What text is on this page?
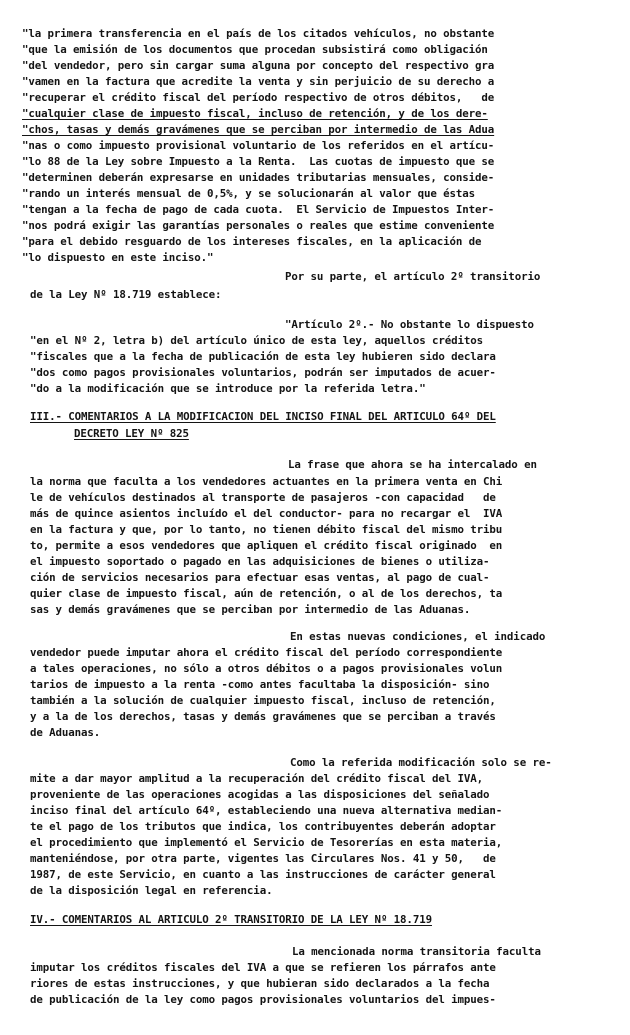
"la primera transferencia en el país de los citados vehículos, no obstante
"que la emisión de los documentos que procedan subsistirá como obligación
"del vendedor, pero sin cargar suma alguna por concepto del respectivo gra
"vamen en la factura que acredite la venta y sin perjuicio de su derecho a
"recuperar el crédito fiscal del período respectivo de otros débitos,   de
"cualquier clase de impuesto fiscal, incluso de retención, y de los dere-
"chos, tasas y demás gravámenes que se perciban por intermedio de las Adua
"nas o como impuesto provisional voluntario de los referidos en el artícu-
"lo 88 de la Ley sobre Impuesto a la Renta.  Las cuotas de impuesto que se
"determinen deberán expresarse en unidades tributarias mensuales, conside-
"rando un interés mensual de 0,5%, y se solucionarán al valor que éstas
"tengan a la fecha de pago de cada cuota.  El Servicio de Impuestos Inter-
"nos podrá exigir las garantías personales o reales que estime conveniente
"para el debido resguardo de los intereses fiscales, en la aplicación de
"lo dispuesto en este inciso."
Por su parte, el artículo 2º transitorio
de la Ley Nº 18.719 establece:
"Artículo 2º.- No obstante lo dispuesto
"en el Nº 2, letra b) del artículo único de esta ley, aquellos créditos
"fiscales que a la fecha de publicación de esta ley hubieren sido declara
"dos como pagos provisionales voluntarios, podrán ser imputados de acuer-
"do a la modificación que se introduce por la referida letra."
III.- COMENTARIOS A LA MODIFICACION DEL INCISO FINAL DEL ARTICULO 64º DEL
DECRETO LEY Nº 825
La frase que ahora se ha intercalado en
la norma que faculta a los vendedores actuantes en la primera venta en Chi
le de vehículos destinados al transporte de pasajeros -con capacidad   de
más de quince asientos incluído el del conductor- para no recargar el  IVA
en la factura y que, por lo tanto, no tienen débito fiscal del mismo tribu
to, permite a esos vendedores que apliquen el crédito fiscal originado  en
el impuesto soportado o pagado en las adquisiciones de bienes o utiliza-
ción de servicios necesarios para efectuar esas ventas, al pago de cual-
quier clase de impuesto fiscal, aún de retención, o al de los derechos, ta
sas y demás gravámenes que se perciban por intermedio de las Aduanas.
En estas nuevas condiciones, el indicado
vendedor puede imputar ahora el crédito fiscal del período correspondiente
a tales operaciones, no sólo a otros débitos o a pagos provisionales volun
tarios de impuesto a la renta -como antes facultaba la disposición- sino
también a la solución de cualquier impuesto fiscal, incluso de retención,
y a la de los derechos, tasas y demás gravámenes que se perciban a través
de Aduanas.
Como la referida modificación solo se re-
mite a dar mayor amplitud a la recuperación del crédito fiscal del IVA,
proveniente de las operaciones acogidas a las disposiciones del señalado
inciso final del artículo 64º, estableciendo una nueva alternativa median-
te el pago de los tributos que indica, los contribuyentes deberán adoptar
el procedimiento que implementó el Servicio de Tesorerías en esta materia,
manteniéndose, por otra parte, vigentes las Circulares Nos. 41 y 50,   de
1987, de este Servicio, en cuanto a las instrucciones de carácter general
de la disposición legal en referencia.
IV.- COMENTARIOS AL ARTICULO 2º TRANSITORIO DE LA LEY Nº 18.719
La mencionada norma transitoria faculta
imputar los créditos fiscales del IVA a que se refieren los párrafos ante
riores de estas instrucciones, y que hubieran sido declarados a la fecha
de publicación de la ley como pagos provisionales voluntarios del impues-
